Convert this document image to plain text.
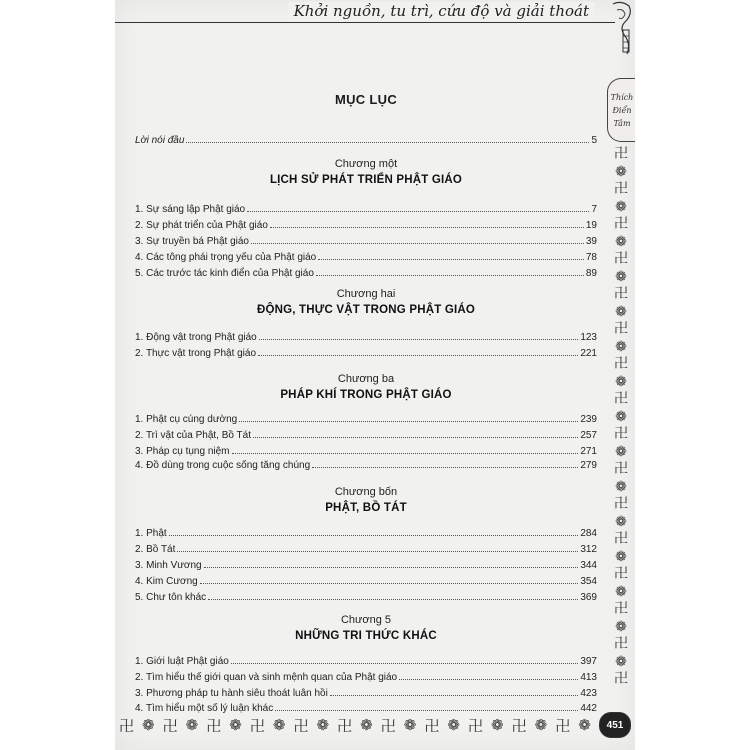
Khởi nguồn, tu trì, cứu độ và giải thoát
Thích
Điển
Tâm
卍
❁
卍
❁
卍
❁
卍
❁
卍
❁
卍
❁
卍
❁
卍
❁
卍
❁
卍
❁
卍
❁
卍
❁
卍
❁
卍
❁
卍
❁
卍
卍 ❁ 卍 ❁ 卍 ❁ 卍 ❁ 卍 ❁ 卍 ❁ 卍 ❁ 卍 ❁ 卍 ❁ 卍 ❁ 卍 ❁ 451
MỤC LỤC
Lời nói đầu	5
Chương một
LỊCH SỬ PHÁT TRIỂN PHẬT GIÁO
1. Sự sáng lập Phật giáo	7
2. Sự phát triển của Phật giáo	19
3. Sự truyền bá Phật giáo	39
4. Các tông phái trọng yếu của Phật giáo	78
5. Các trước tác kinh điển của Phật giáo	89
Chương hai
ĐỘNG, THỰC VẬT TRONG PHẬT GIÁO
1. Động vật trong Phật giáo	123
2. Thực vật trong Phật giáo	221
Chương ba
PHÁP KHÍ TRONG PHẬT GIÁO
1. Phật cụ cúng dường	239
2. Trì vật của Phật, Bồ Tát	257
3. Pháp cụ tụng niệm	271
4. Đồ dùng trong cuộc sống tăng chúng	279
Chương bốn
PHẬT, BỒ TÁT
1. Phật	284
2. Bồ Tát	312
3. Minh Vương	344
4. Kim Cương	354
5. Chư tôn khác	369
Chương 5
NHỮNG TRI THỨC KHÁC
1. Giới luật Phật giáo	397
2. Tìm hiểu thế giới quan và sinh mệnh quan của Phật giáo	413
3. Phương pháp tu hành siêu thoát luân hồi	423
4. Tìm hiểu một số lý luận khác	442
